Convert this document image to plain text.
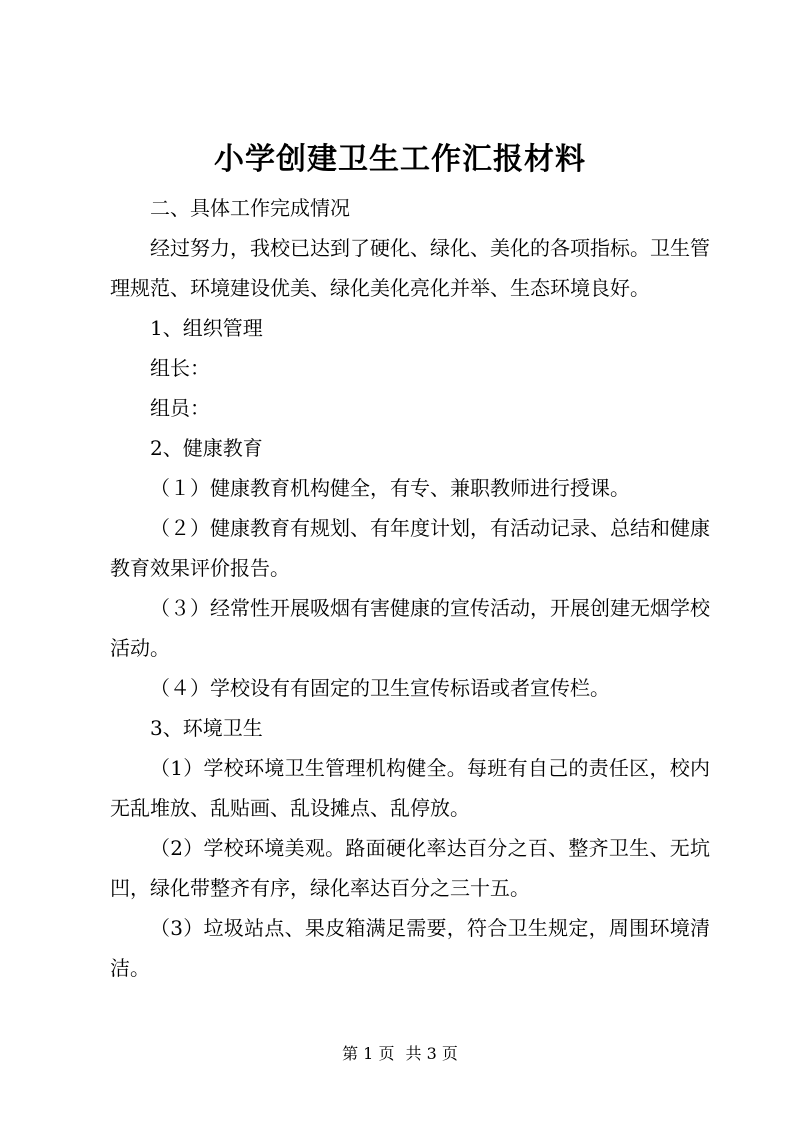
小学创建卫生工作汇报材料

二、具体工作完成情况

经过努力，我校已达到了硬化、绿化、美化的各项指标。卫生管理规范、环境建设优美、绿化美化亮化并举、生态环境良好。

1、组织管理

组长：

组员：

2、健康教育

（１）健康教育机构健全，有专、兼职教师进行授课。

（２）健康教育有规划、有年度计划，有活动记录、总结和健康教育效果评价报告。

（３）经常性开展吸烟有害健康的宣传活动，开展创建无烟学校活动。

（４）学校设有有固定的卫生宣传标语或者宣传栏。

3、环境卫生

（1）学校环境卫生管理机构健全。每班有自己的责任区，校内无乱堆放、乱贴画、乱设摊点、乱停放。

（2）学校环境美观。路面硬化率达百分之百、整齐卫生、无坑凹，绿化带整齐有序，绿化率达百分之三十五。

（3）垃圾站点、果皮箱满足需要，符合卫生规定，周围环境清洁。

第 1 页 共 3 页
